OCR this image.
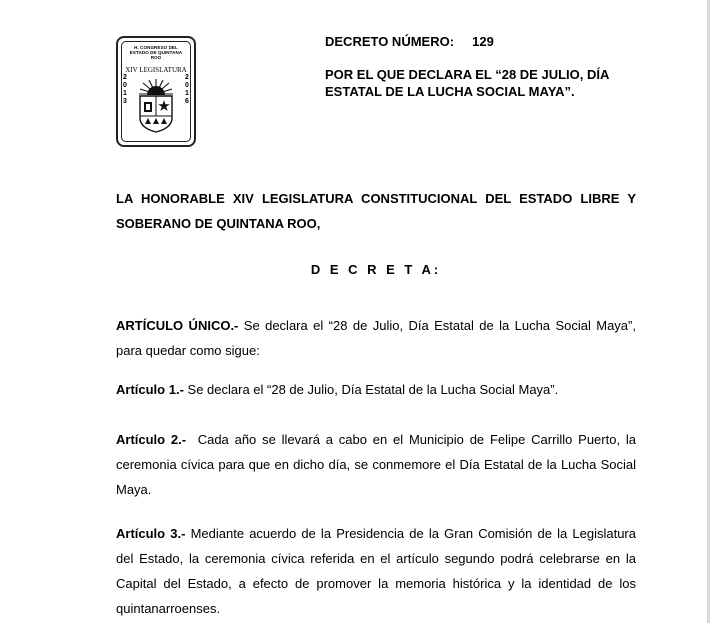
H. CONGRESO DEL ESTADO DE QUINTANA ROO
XIV LEGISLATURA
2
0
1
3
2
0
1
6
DECRETO NÚMERO: 129
POR EL QUE DECLARA EL “28 DE JULIO, DÍA ESTATAL DE LA LUCHA SOCIAL MAYA”.
LA HONORABLE XIV LEGISLATURA CONSTITUCIONAL DEL ESTADO LIBRE Y SOBERANO DE QUINTANA ROO,
D E C R E T A:
ARTÍCULO ÚNICO.- Se declara el “28 de Julio, Día Estatal de la Lucha Social Maya”, para quedar como sigue:
Artículo 1.- Se declara el “28 de Julio, Día Estatal de la Lucha Social Maya”.
Artículo 2.-  Cada año se llevará a cabo en el Municipio de Felipe Carrillo Puerto, la ceremonia cívica para que en dicho día, se conmemore el Día Estatal de la Lucha Social Maya.
Artículo 3.- Mediante acuerdo de la Presidencia de la Gran Comisión de la Legislatura del Estado, la ceremonia cívica referida en el artículo segundo podrá celebrarse en la Capital del Estado, a efecto de promover la memoria histórica y la identidad de los quintanarroenses.
